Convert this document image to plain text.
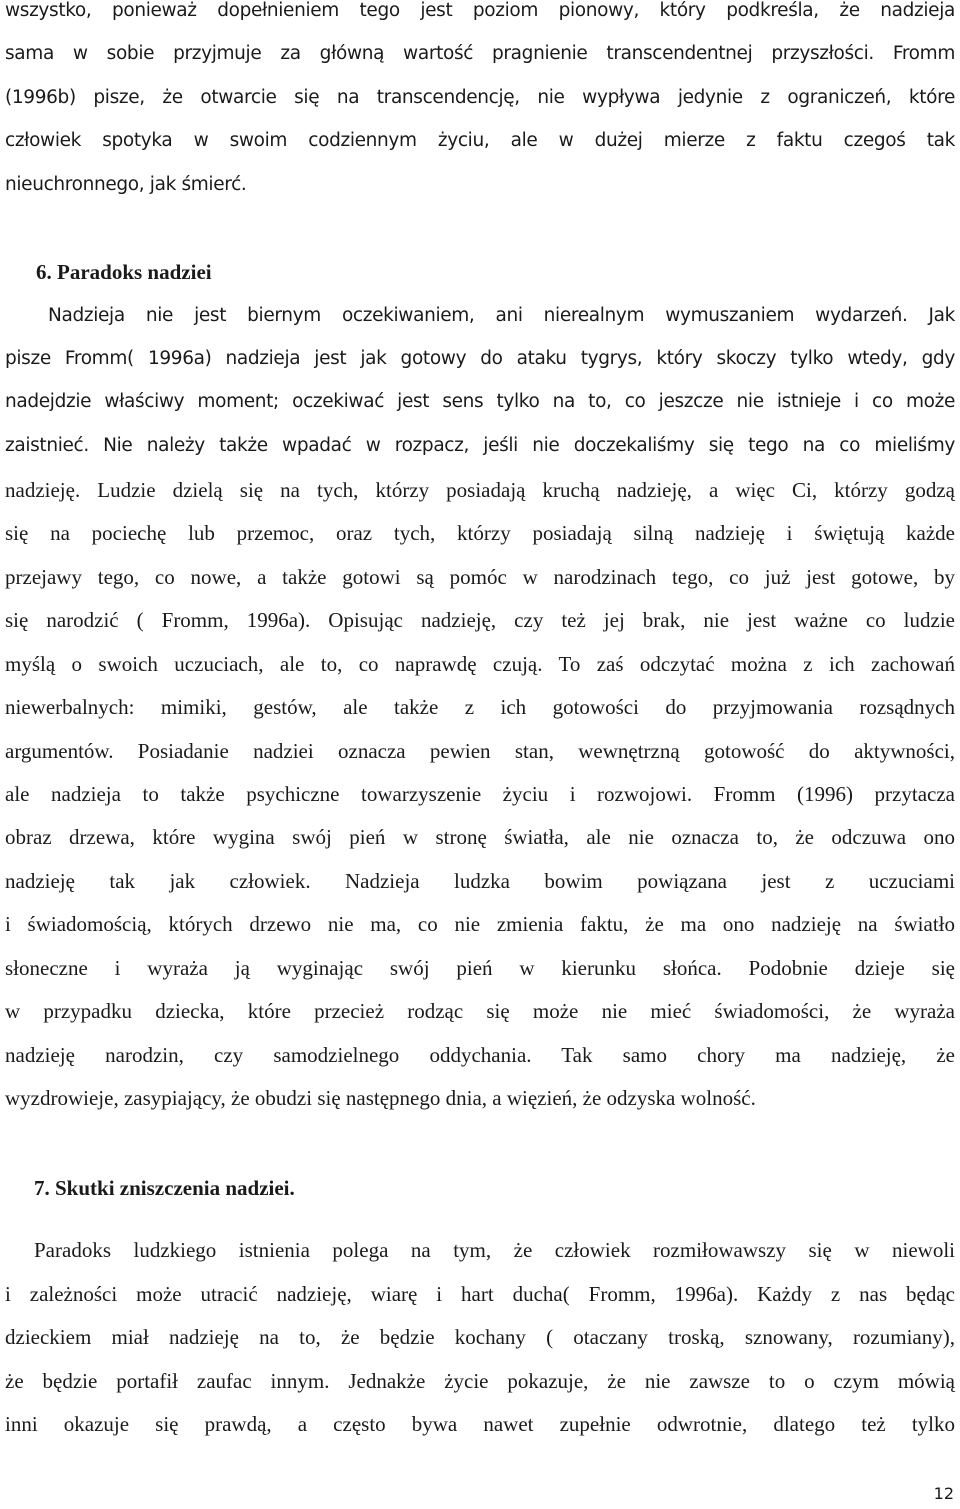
wszystko, ponieważ dopełnieniem tego jest poziom pionowy, który podkreśla, że nadzieja

sama w sobie przyjmuje za główną wartość pragnienie transcendentnej przyszłości. Fromm

(1996b) pisze, że otwarcie się na transcendencję, nie wypływa jedynie z ograniczeń, które

człowiek spotyka w swoim codziennym życiu, ale w dużej mierze z faktu czegoś tak

nieuchronnego, jak śmierć.

6. Paradoks nadziei

Nadzieja nie jest biernym oczekiwaniem, ani nierealnym wymuszaniem wydarzeń. Jak

pisze Fromm( 1996a) nadzieja jest jak gotowy do ataku tygrys, który skoczy tylko wtedy, gdy

nadejdzie właściwy moment; oczekiwać jest sens tylko na to, co jeszcze nie istnieje i co może

zaistnieć. Nie należy także wpadać w rozpacz, jeśli nie doczekaliśmy się tego na co mieliśmy

nadzieję. Ludzie dzielą się na tych, którzy posiadają kruchą nadzieję, a więc Ci, którzy godzą

się na pociechę lub przemoc, oraz tych, którzy posiadają silną nadzieję i świętują każde

przejawy tego, co nowe, a także gotowi są pomóc w narodzinach tego, co już jest gotowe, by

się narodzić ( Fromm, 1996a). Opisując nadzieję, czy też jej brak, nie jest ważne co ludzie

myślą o swoich uczuciach, ale to, co naprawdę czują. To zaś odczytać można z ich zachowań

niewerbalnych: mimiki, gestów, ale także z ich gotowości do przyjmowania rozsądnych

argumentów. Posiadanie nadziei oznacza pewien stan, wewnętrzną gotowość do aktywności,

ale nadzieja to także psychiczne towarzyszenie życiu i rozwojowi. Fromm (1996) przytacza

obraz drzewa, które wygina swój pień w stronę światła, ale nie oznacza to, że odczuwa ono

nadzieję tak jak człowiek. Nadzieja ludzka bowim powiązana jest z uczuciami

i świadomością, których drzewo nie ma, co nie zmienia faktu, że ma ono nadzieję na światło

słoneczne i wyraża ją wyginając swój pień w kierunku słońca. Podobnie dzieje się

w przypadku dziecka, które przecież rodząc się może nie mieć świadomości, że wyraża

nadzieję narodzin, czy samodzielnego oddychania. Tak samo chory ma nadzieję, że

wyzdrowieje, zasypiający, że obudzi się następnego dnia, a więzień, że odzyska wolność.

7. Skutki zniszczenia nadziei.

Paradoks ludzkiego istnienia polega na tym, że człowiek rozmiłowawszy się w niewoli

i zależności może utracić nadzieję, wiarę i hart ducha( Fromm, 1996a). Każdy z nas będąc

dzieckiem miał nadzieję na to, że będzie kochany ( otaczany troską, sznowany, rozumiany),

że będzie portafił zaufac innym. Jednakże życie pokazuje, że nie zawsze to o czym mówią

inni okazuje się prawdą, a często bywa nawet zupełnie odwrotnie, dlatego też tylko

12
